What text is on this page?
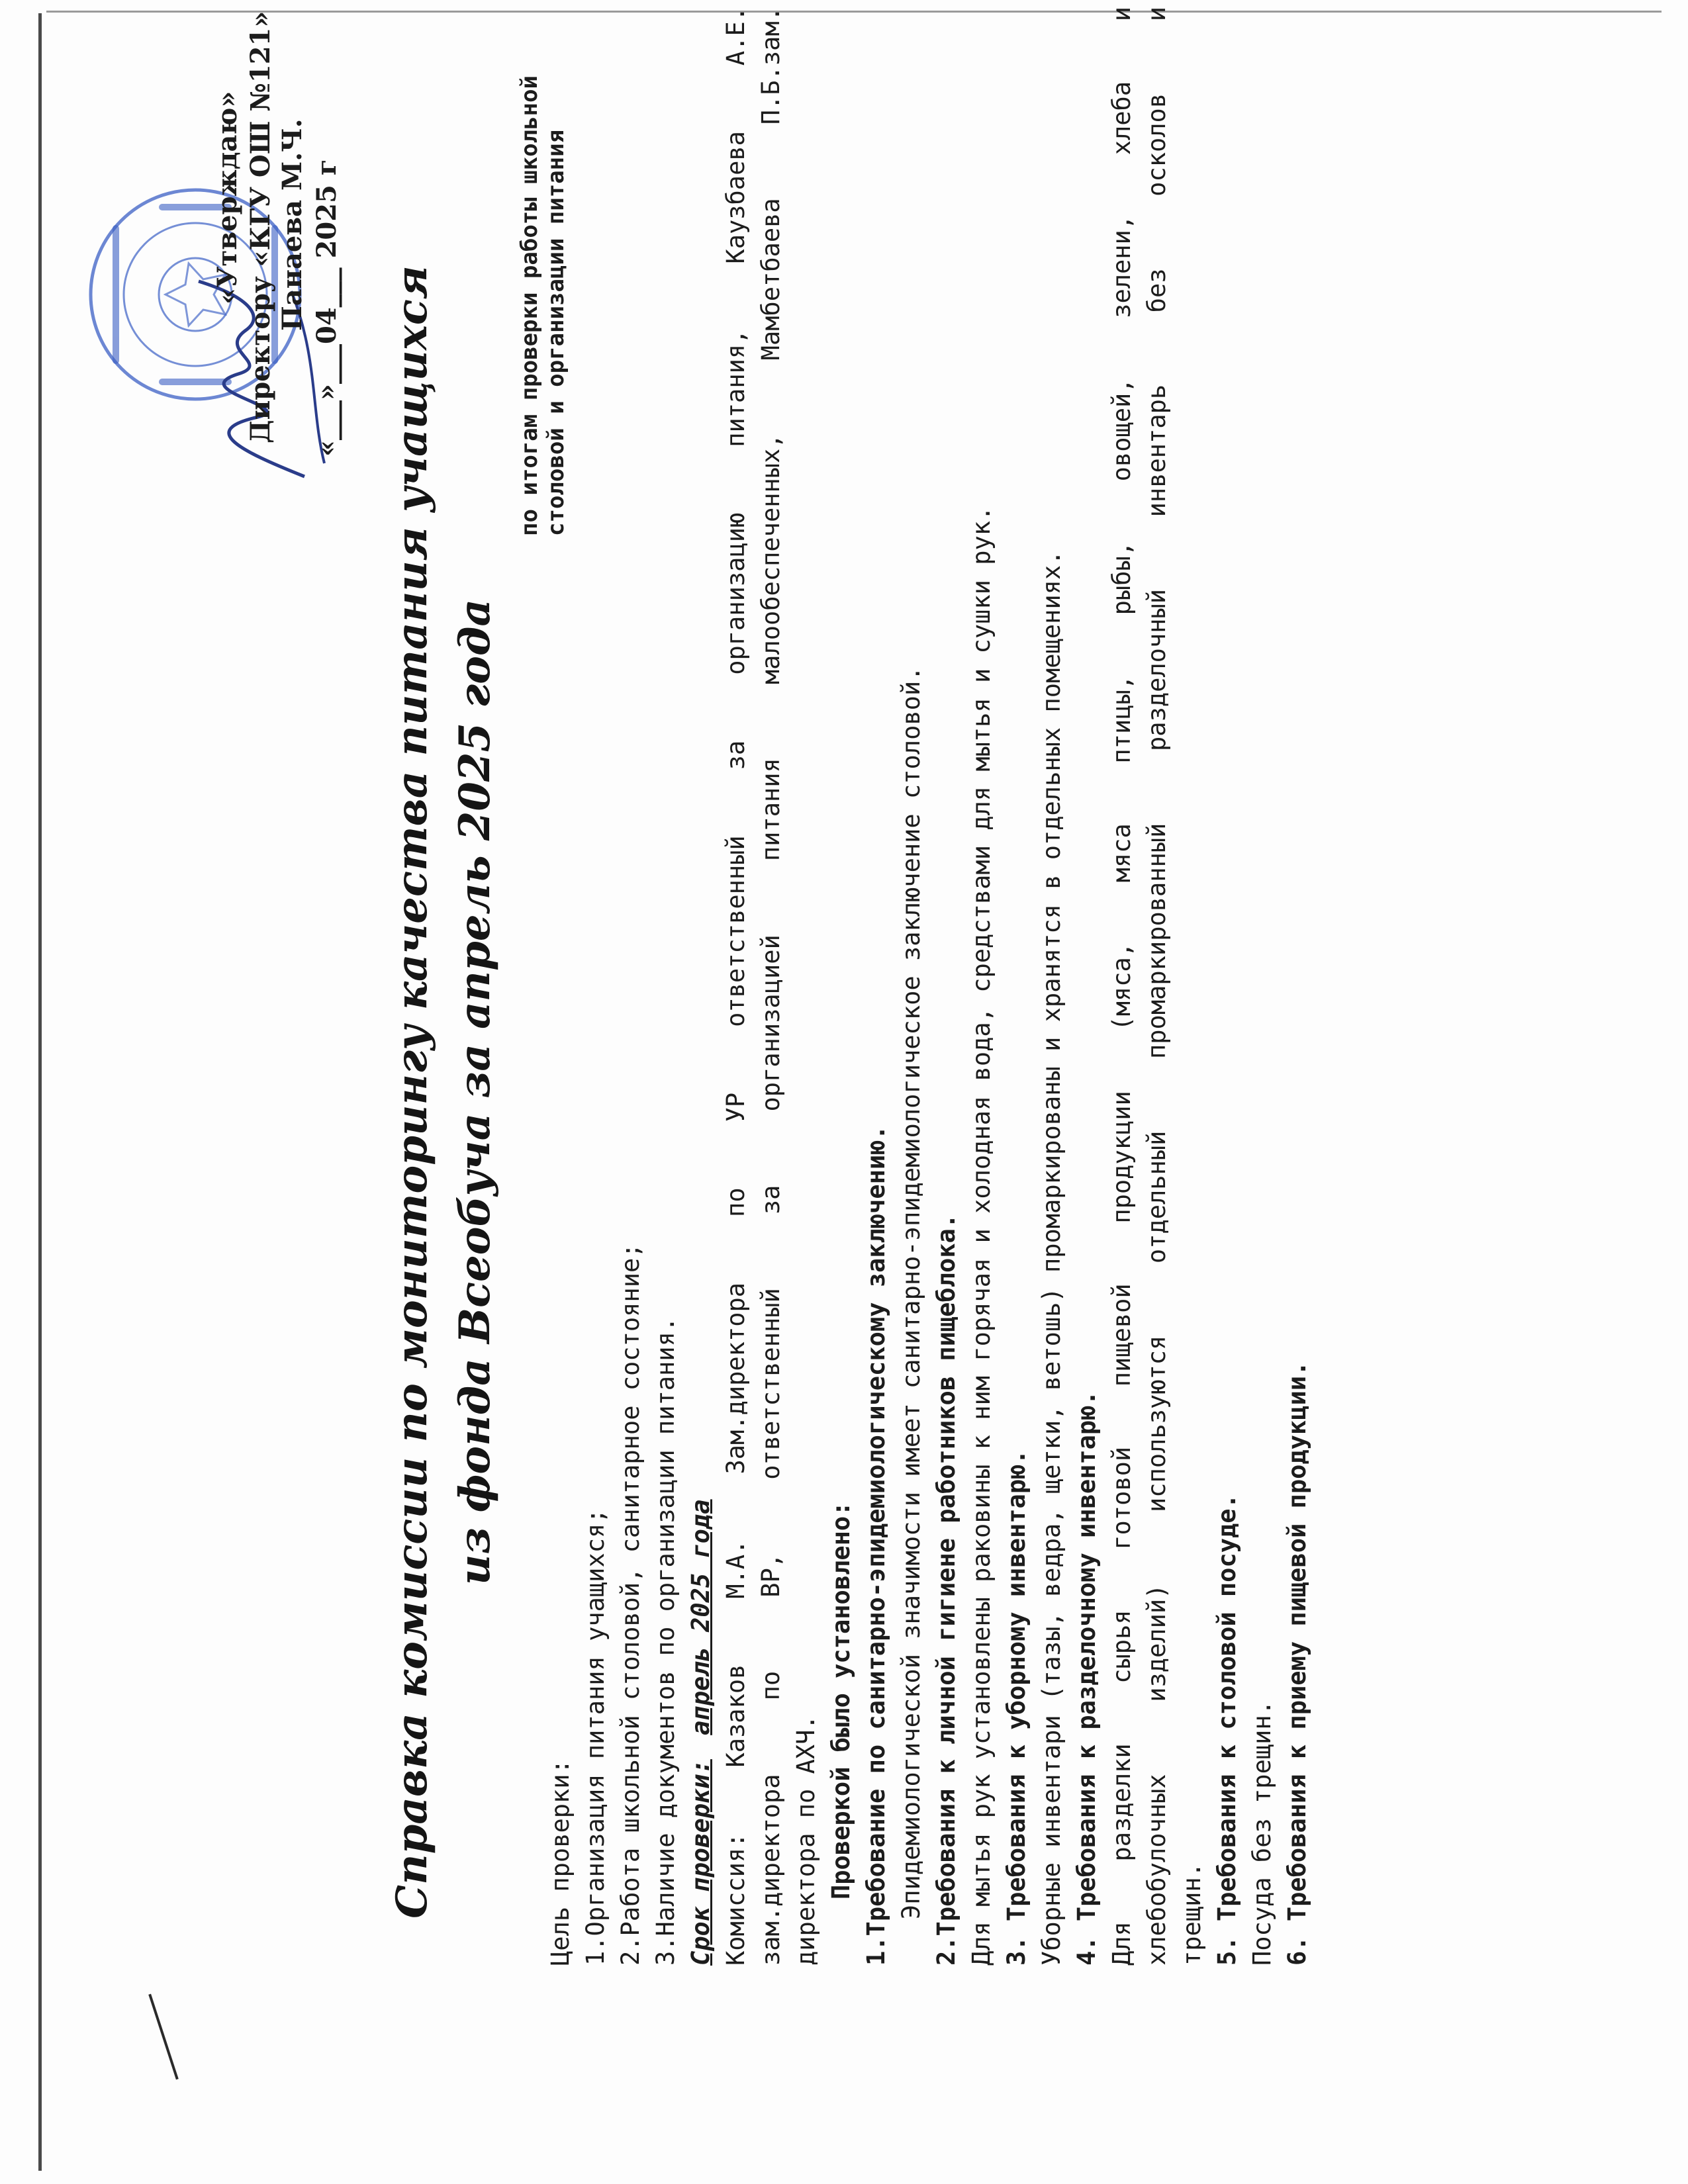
«Утверждаю» Директору «КГУ ОШ №121» Панаева М.Ч. «___»___04___ 2025 г Справка комиссии по мониторингу качества питания учащихся из фонда Всеобуча за апрель 2025 года
по итогам проверки работы школьной столовой и организации питания
Цель проверки: 1.Организация питания учащихся; 2.Работа школьной столовой, санитарное состояние; 3.Наличие документов по организации питания. Срок проверки: апрель 2025 года Комиссия: Казаков М.А. Зам.директора по УР ответственный за организацию питания, Каузбаева А.Е. зам.директора по ВР, ответственный за организацией питания малообеспеченных, Мамбетбаева П.Б.зам. директора по АХЧ. Проверкой было установлено: 1.Требование по санитарно-эпидемиологическому заключению. Эпидемиологической значимости имеет санитарно-эпидемиологическое заключение столовой. 2.Требования к личной гигиене работников пищеблока. Для мытья рук установлены раковины к ним горячая и холодная вода, средствами для мытья и сушки рук. 3. Требования к уборному инвентарю. Уборные инвентари (тазы, ведра, щетки, ветошь) промаркированы и хранятся в отдельных помещениях. 4. Требования к разделочному инвентарю. Для разделки сырья готовой пищевой продукции (мяса, мяса птицы, рыбы, овощей, зелени, хлеба и хлебобулочных изделий) используются отдельный промаркированный разделочный инвентарь без осколов и трещин. 5. Требования к столовой посуде. Посуда без трещин. 6. Требования к приему пищевой продукции.
